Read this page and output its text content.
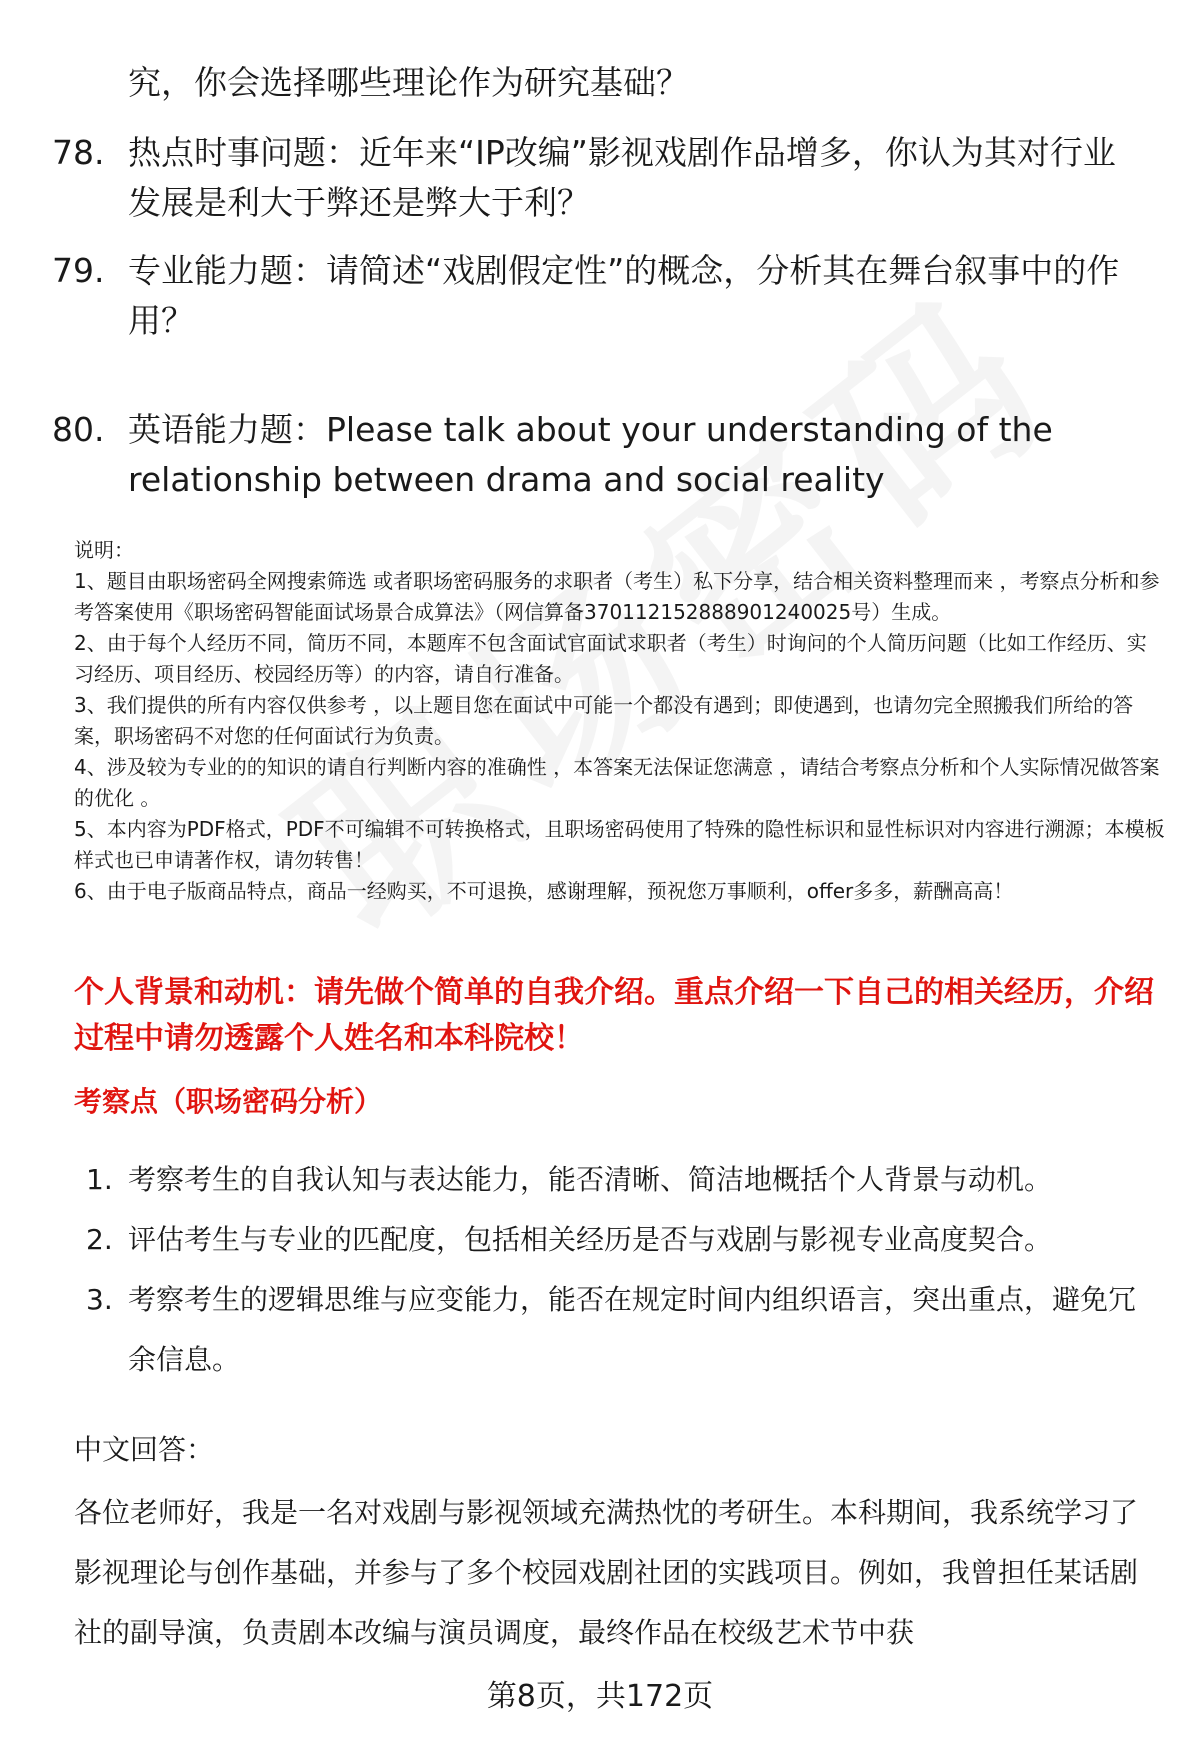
究，你会选择哪些理论作为研究基础？
78. 热点时事问题：近年来“IP改编”影视戏剧作品增多，你认为其对行业发展是利大于弊还是弊大于利？
79. 专业能力题：请简述“戏剧假定性”的概念，分析其在舞台叙事中的作用？
80. 英语能力题：Please talk about your understanding of the relationship between drama and social reality

说明：

1、题目由职场密码全网搜索筛选 或者职场密码服务的求职者（考生）私下分享，结合相关资料整理而来 ，考察点分析和参考答案使用《职场密码智能面试场景合成算法》（网信算备370112152888901240025号）生成。

2、由于每个人经历不同，简历不同，本题库不包含面试官面试求职者（考生）时询问的个人简历问题（比如工作经历、实习经历、项目经历、校园经历等）的内容，请自行准备。

3、我们提供的所有内容仅供参考 ，以上题目您在面试中可能一个都没有遇到；即使遇到，也请勿完全照搬我们所给的答案，职场密码不对您的任何面试行为负责。

4、涉及较为专业的的知识的请自行判断内容的准确性 ，本答案无法保证您满意 ，请结合考察点分析和个人实际情况做答案的优化 。

5、本内容为PDF格式，PDF不可编辑不可转换格式，且职场密码使用了特殊的隐性标识和显性标识对内容进行溯源；本模板样式也已申请著作权，请勿转售！

6、由于电子版商品特点，商品一经购买，不可退换，感谢理解，预祝您万事顺利，offer多多，薪酬高高！

个人背景和动机：请先做个简单的自我介绍。重点介绍一下自己的相关经历，介绍过程中请勿透露个人姓名和本科院校！
考察点（职场密码分析）
1. 考察考生的自我认知与表达能力，能否清晰、简洁地概括个人背景与动机。
2. 评估考生与专业的匹配度，包括相关经历是否与戏剧与影视专业高度契合。
3. 考察考生的逻辑思维与应变能力，能否在规定时间内组织语言，突出重点，避免冗余信息。
中文回答：
各位老师好，我是一名对戏剧与影视领域充满热忱的考研生。本科期间，我系统学习了影视理论与创作基础，并参与了多个校园戏剧社团的实践项目。例如，我曾担任某话剧社的副导演，负责剧本改编与演员调度，最终作品在校级艺术节中获
第8页，共172页
